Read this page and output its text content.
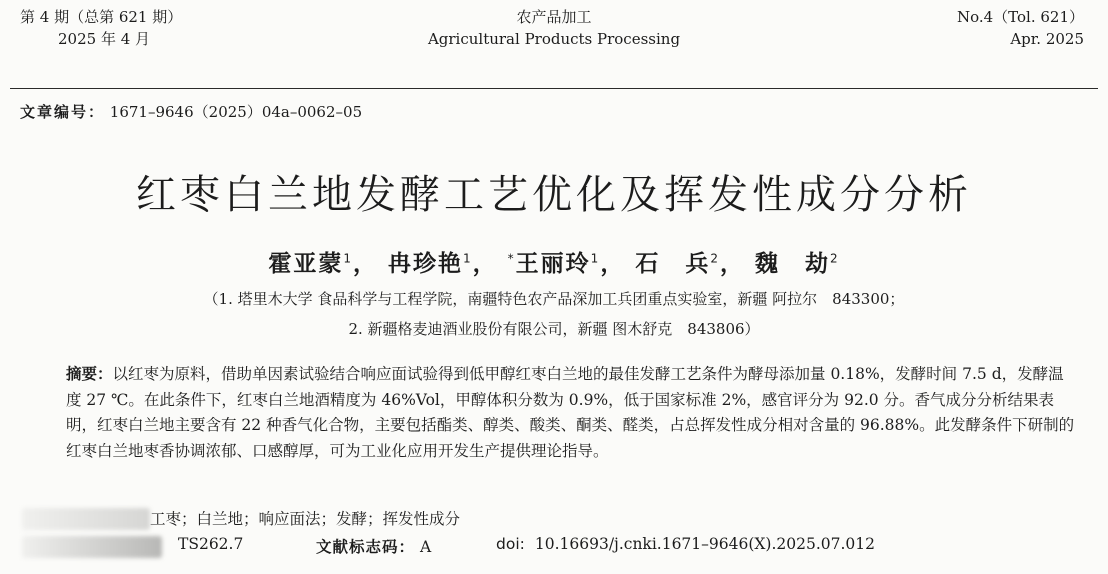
第 4 期（总第 621 期）
2025 年 4 月
农产品加工
Agricultural Products Processing
No.4（Tol. 621）
Apr. 2025
文章编号： 1671–9646（2025）04a–0062–05
红枣白兰地发酵工艺优化及挥发性成分分析
霍亚蒙$^1$， 冉珍艳$^1$， *王丽玲$^1$， 石　兵$^2$， 魏　劫$^2$
（1. 塔里木大学 食品科学与工程学院，南疆特色农产品深加工兵团重点实验室，新疆 阿拉尔　843300；
2. 新疆格麦迪酒业股份有限公司，新疆 图木舒克　843806）
摘要：以红枣为原料，借助单因素试验结合响应面试验得到低甲醇红枣白兰地的最佳发酵工艺条件为酵母添加量 0.18%，发酵时间 7.5 d，发酵温度 27 ℃。在此条件下，红枣白兰地酒精度为 46%Vol，甲醇体积分数为 0.9%，低于国家标准 2%，感官评分为 92.0 分。香气成分分析结果表明，红枣白兰地主要含有 22 种香气化合物，主要包括酯类、醇类、酸类、酮类、醛类，占总挥发性成分相对含量的 96.88%。此发酵条件下研制的红枣白兰地枣香协调浓郁、口感醇厚，可为工业化应用开发生产提供理论指导。
工枣；白兰地；响应面法；发酵；挥发性成分
TS262.7	文献标志码： A	doi: 10.16693/j.cnki.1671–9646(X).2025.07.012
